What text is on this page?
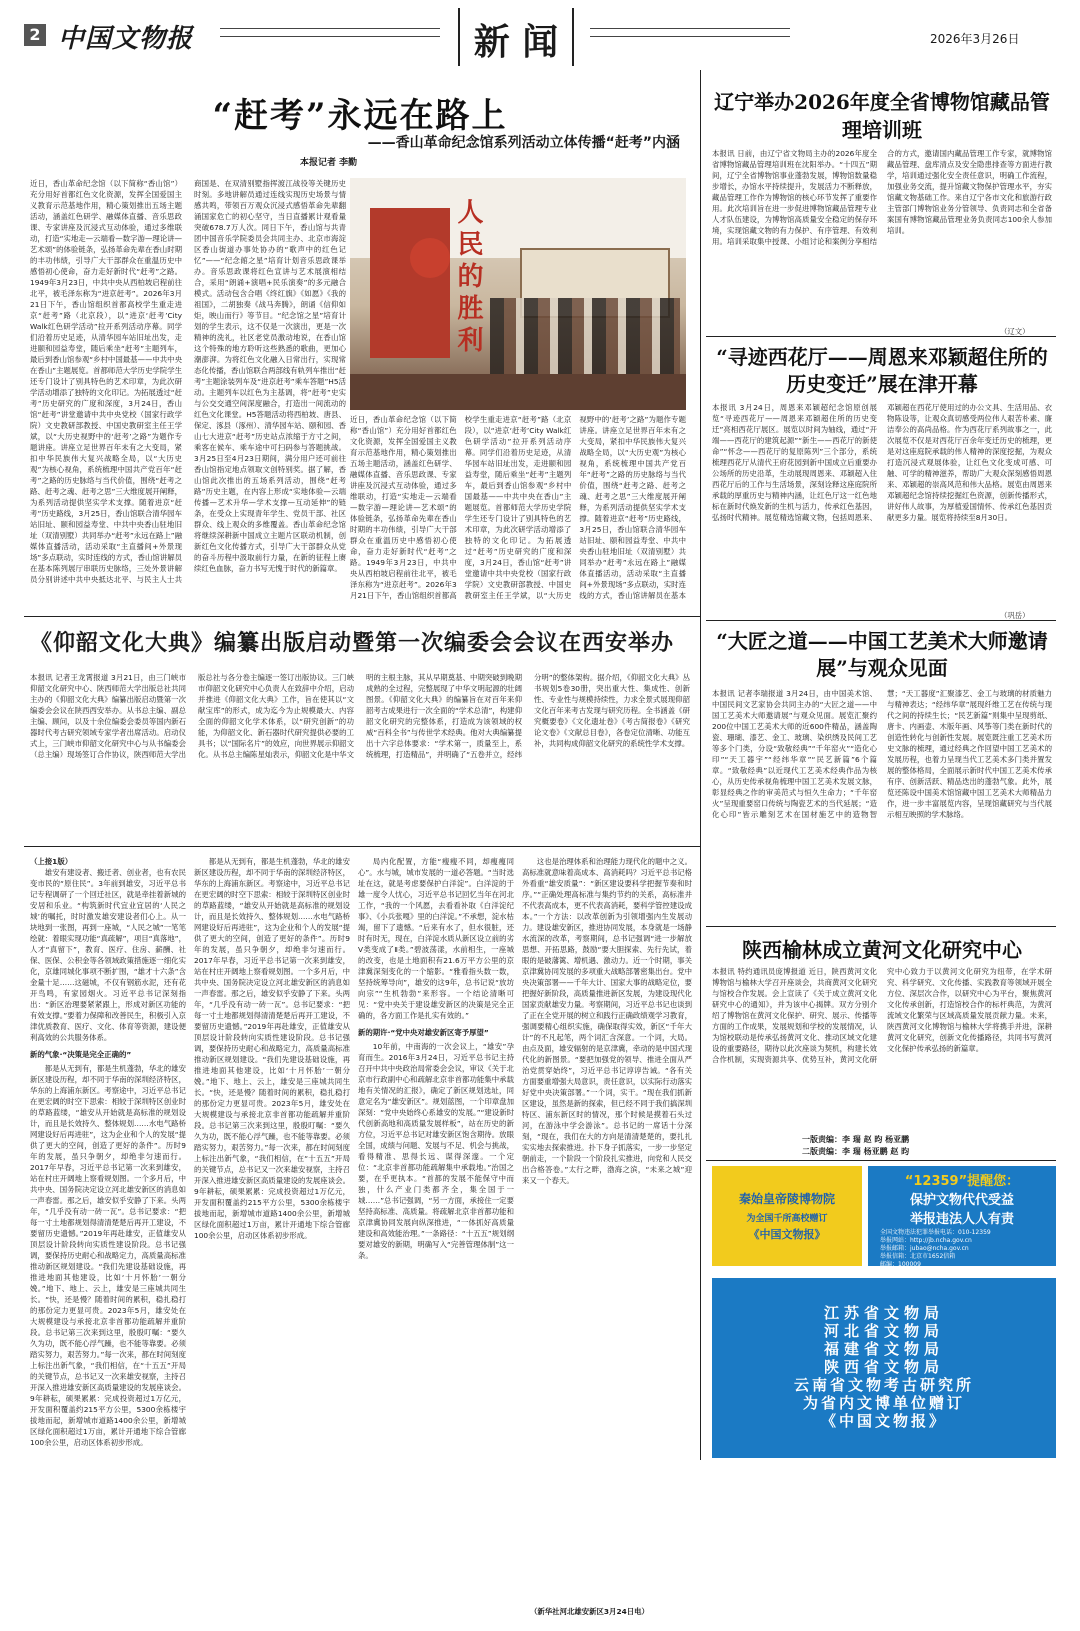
2 中国文物报	新 闻	2026年3月26日
“赶考”永远在路上
——香山革命纪念馆系列活动立体传播“赶考”内涵
本报记者 李勤
人民的胜利
近日，香山革命纪念馆（以下简称“香山馆”）充分用好首都红色文化资源，发挥全国爱国主义教育示范基地作用，精心策划推出五场主题活动，涵盖红色研学、融媒体直播、音乐思政课、专家讲座及沉浸式互动体验，通过多维联动，打造“实地走—云端看—数字游—理论讲—艺术颂”的体验链条，弘扬革命先辈在香山时期的丰功伟绩，引导广大干部群众在重温历史中感悟初心使命，奋力走好新时代“赶考”之路。1949年3月23日，中共中央从西柏坡启程前往北平，被毛泽东称为“进京赶考”。2026年3月21日下午，香山馆组织首都高校学生重走进京“赶考”路（北京段），以“进京‘赶考’City Walk红色研学活动”拉开系列活动序幕。同学们沿着历史足迹，从清华园车站旧址出发，走进颐和园益寿堂，随后乘坐“赶考”主题列车，最后到香山馆参观“乡村中国最基——中共中央在香山”主题展览。首都师范大学历史学院学生还专门设计了别具特色的艺术印章，为此次研学活动增添了独特的文化印记。为拓展透过“赶考”历史研究的广度和深度，3月24日，香山馆“赶考”讲堂邀请中共中央党校（国家行政学院）文史教研部教授、中国史教研室主任王学斌，以“大历史视野中的‘赶考’之路”为题作专题讲座。讲座立足世界百年未有之大变局，紧扣中华民族伟大复兴战略全局，以“大历史观”为核心视角，系统梳理中国共产党百年“赶考”之路的历史脉络与当代价值，围绕“赶考之路、赶考之魂、赶考之思”三大维度展开阐释，为系列活动提供坚实学术支撑。随着进京“赶考”历史路线，3月25日，香山馆联合清华园车站旧址、颐和园益寿堂、中共中央香山驻地旧址（双清别墅）共同举办“赶考”永远在路上”融媒体直播活动，活动采取“主直播间+外景现场”多点联动，实时连线的方式，香山馆讲解员在基本陈列展厅串联历史脉络，三处外景讲解员分别讲述中共中央抵达北平、与民主人士共商国是、在双清别墅指挥渡江战役等关键历史时刻。多地讲解员通过连线实现历史场景与情感共鸣，带领百万观众沉浸式感悟革命先辈翻涌国家危亡的初心坚守，当日直播累计观看量突破678.7万人次。同日下午，香山馆与共青团中国音乐学院委员会共同主办、北京市海淀区香山街道办事处协办的“歌声中的红色记忆”——“纪念館之星”培育计划音乐思政课举办。音乐思政课将红色宣讲与艺术展演相结合，采用“朗诵+演唱+民乐演奏”的多元融合模式。活动包含合唱《终红旗》《如愿》《我的祖国》，二胡独奏《战马奔腾》，朗诵《信仰如炬，映山而行》等节目。“纪念馆之星”培育计划的学生表示，这不仅是一次演出，更是一次精神的洗礼，社区老党员激动地说，在香山馆这个特殊的地方聆听这些熟悉的歌曲，更加心潮澎湃。为将红色文化融入日常出行，实现常态化传播，香山馆联合两部线有轨列车推出“赶考”主题涂装列车及“进京赶考”乘车答题”H5活动。主题列车以红色为主基调，将“赶考”史实与公交交通空间深度融合，打造出一间流动的红色文化课堂。H5答题活动将西柏坡、唐县、保定、涿县（涿州）、清华园车站、颐和园、香山七大进京“赶考”历史站点浓缩于方寸之间，乘客在候车、乘车途中可扫码参与答题挑战。3月25日至4月23日期间，满分用户还可前往香山馆指定地点领取文创特别奖。据了解，香山馆此次推出的五场系列活动，围绕“赶考路”历史主题，在内容上形成“实地体验—云端传播—艺术升华—学术支撑—互动延伸”的链条，在受众上实现青年学生、党员干部、社区群众、线上观众的多维覆盖。香山革命纪念馆将继续深耕新中国成立主题片区联动机制，创新红色文化传播方式，引导广大干部群众从党的奋斗历程中汲取前行力量，在新的征程上赓续红色血脉，奋力书写无愧于时代的新篇章。
近日，香山革命纪念馆（以下简称“香山馆”）充分用好首都红色文化资源，发挥全国爱国主义教育示范基地作用，精心策划推出五场主题活动，涵盖红色研学、融媒体直播、音乐思政课、专家讲座及沉浸式互动体验，通过多维联动，打造“实地走—云端看—数字游—理论讲—艺术颂”的体验链条，弘扬革命先辈在香山时期的丰功伟绩，引导广大干部群众在重温历史中感悟初心使命，奋力走好新时代“赶考”之路。1949年3月23日，中共中央从西柏坡启程前往北平，被毛泽东称为“进京赶考”。2026年3月21日下午，香山馆组织首都高校学生重走进京“赶考”路（北京段），以“进京‘赶考’City Walk红色研学活动”拉开系列活动序幕。同学们沿着历史足迹，从清华园车站旧址出发，走进颐和园益寿堂，随后乘坐“赶考”主题列车，最后到香山馆参观“乡村中国最基——中共中央在香山”主题展览。首都师范大学历史学院学生还专门设计了别具特色的艺术印章，为此次研学活动增添了独特的文化印记。为拓展透过“赶考”历史研究的广度和深度，3月24日，香山馆“赶考”讲堂邀请中共中央党校（国家行政学院）文史教研部教授、中国史教研室主任王学斌，以“大历史视野中的‘赶考’之路”为题作专题讲座。讲座立足世界百年未有之大变局，紧扣中华民族伟大复兴战略全局，以“大历史观”为核心视角，系统梳理中国共产党百年“赶考”之路的历史脉络与当代价值，围绕“赶考之路、赶考之魂、赶考之思”三大维度展开阐释，为系列活动提供坚实学术支撑。随着进京“赶考”历史路线，3月25日，香山馆联合清华园车站旧址、颐和园益寿堂、中共中央香山驻地旧址（双清别墅）共同举办“赶考”永远在路上”融媒体直播活动，活动采取“主直播间+外景现场”多点联动，实时连线的方式，香山馆讲解员在基本
辽宁举办2026年度全省博物馆藏品管理培训班
本报讯 日前，由辽宁省文物局主办的2026年度全省博物馆藏品管理培训班在沈阳举办。“十四五”期间，辽宁全省博物馆事业蓬勃发展，博物馆数量稳步增长，办馆水平持续提升，发展活力不断释放，藏品管理工作作为博物馆的核心环节发挥了重要作用。此次培训旨在进一步促进博物馆藏品管理专业人才队伍建设，为博物馆高质量安全稳定的保存环境，实现馆藏文物的有力保护、有序管理、有效利用。培训采取集中授课、小组讨论和案例分享相结合的方式，邀请国内藏品管理工作专家，就博物馆藏品管理、盘库清点及安全隐患排查等方面进行教学，培训通过强化安全责任意识，明确工作流程，加强业务交流，提升馆藏文物保护管理水平，夯实馆藏文物基础工作。来自辽宁各市文化和旅游行政主管部门博物馆业务分管领导、负责同志和全省备案国有博物馆藏品管理业务负责同志100余人参加培训。
（辽文）
“寻迹西花厅——周恩来邓颖超住所的历史变迁”展在津开幕
本报讯 3月24日，周恩来邓颖超纪念馆原创展览“寻迹西花厅——周恩来邓颖超住所的历史变迁”亮相西花厅展区。展览以时间为轴线，通过“开端——西花厅的建筑起源”“新生——西花厅的新使命”“怀念——西花厅的复原陈列”三个部分，系统梳理西花厅从清代王府花园到新中国成立后重要办公场所的历史沿革，生动展现周恩来、邓颖超入住西花厅后的工作与生活场景，深刻诠释这座庭院所承载的厚重历史与精神内涵，让红色厅这一红色地标在新时代焕发新的生机与活力，传承红色基因，弘扬时代精神。展览精选馆藏文物，包括周恩来、邓颖超在西花厅使用过的办公文具、生活用品、衣物陈设等，让观众真切感受两位伟人艰苦朴素、廉洁奉公的高尚品格。作为西花厅系列故事之一，此次展览不仅是对西花厅百余年变迁历史的梳理，更是对这座庭院承载的伟人精神的深度挖掘，为观众打造沉浸式观展体验，让红色文化变成可感、可触、可学的精神滋养，帮助广大观众深刻感悟周恩来、邓颖超的崇高风范和伟大品格。展览由周恩来邓颖超纪念馆持续挖掘红色资源，创新传播形式，讲好伟人故事，为厚植爱国情怀、传承红色基因贡献更多力量。展览将持续至8月30日。
（巩岳）
《仰韶文化大典》编纂出版启动暨第一次编委会会议在西安举办
本报讯 记者王龙霄报道 3月21日，由三门峡市仰韶文化研究中心、陕西师范大学出版总社共同主办的《仰韶文化大典》编纂出版启动暨第一次编委会会议在陕西西安举办。从书总主编、副总主编、顾问，以及十余位编委会委员等国内新石器时代考古研究领域专家学者出席活动。启动仪式上，三门峡市仰韶文化研究中心与从书编委会（总主编）现场签订合作协议，陕西师范大学出版总社与各分卷主编逐一签订出版协议。三门峡市仰韶文化研究中心负责人在致辞中介绍，启动并推进《仰韶文化大典》工作，旨在使其以“文献宝库”的形式，成为迄今为止规模最大、内容全面的仰韶文化学术体系，以“研究创新”的功能，为仰韶文化、新石器时代研究提供必要的工具书；以“国际名片”的效应，向世界展示仰韶文化。从书总主编陈星灿表示，仰韶文化是中华文明的主根主脉，其从早期奠基、中期突破到晚期成熟的全过程，完整展现了中华文明起源的壮阔图景。《仰韶文化大典》的编纂旨在对百年来仰韶考古成果进行一次全面的“学术总清”，构建仰韶文化研究的完整体系，打造成为该领域的权威“百科全书”与传世学术经典。他对大典编纂提出十六字总体要求：“学术第一，质量至上，系统梳理，打造精品”，并明确了“五卷并立，经纬分明”的整体架构。据介绍，《仰韶文化大典》丛书规划5卷30册，突出重大性、集成性、创新性、专业性与规模持续性，力求全景式展现仰韶文化百年来考古发现与研究历程。全书涵盖《研究概要卷》《文化遗址卷》《考古简报卷》《研究论文卷》《文献总目卷》，各卷定位清晰、功能互补，共同构成仰韶文化研究的系统性学术支撑。
“大匠之道——中国工艺美术大师邀请展”与观众见面
本报讯 记者李瑞报道 3月24日，由中国美术馆、中国民间文艺家协会共同主办的“大匠之道——中国工艺美术大师邀请展”与观众见面。展览汇聚约200位中国工艺美术大师的近600件精品，涵盖陶瓷、珊瑚、漆艺、金工、玻璃、染织绣及民间工艺等多个门类，分设“致敬经典”“千年窑火”“造化心印”“天工器宇”“经纬华章”“民艺新篇”6个篇章。“致敬经典”以近现代工艺美术经典作品为核心，从历史传承视角梳理中国工艺美术发展文脉，彰显经典之作的审美范式与恒久生命力；“千年窑火”呈现重要窑口传统与陶瓷艺术的当代延展；“造化心印”皆示雕刻艺术在国材施艺中的造物智慧；“天工器度”汇聚漆艺、金工与玻璃的材质魅力与精神表达；“经纬华章”展现纤维工艺在传统与现代之间的持续生长；“民艺新篇”则集中呈现剪纸、唐卡、内画壶、木版年画、风筝等门类在新时代的创造性转化与创新性发展。展览既注重工艺美术历史文脉的梳理，通过经典之作回望中国工艺美术的发展历程，也着力呈现当代工艺美术多门类并置发展的整体格局，全面展示新时代中国工艺美术传承有序、创新活跃、精品迭出的蓬勃气象。此外，展览还陈设中国美术馆馆藏中国工艺美术大师精品力作，进一步丰富展览内容，呈现馆藏研究与当代展示相互映照的学术脉络。
（上接1版）

雄安有建设者、搬迁者、创业者，也有农民变市民的“原住民”。3年前到雄安，习近平总书记专程调研了一个回迁社区，就是牵挂着新城的安居和乐业。“构筑新时代宜业宜居的‘人民之城’的嘱托，时时激发雄安建设者们心上。从一块地到一张图，再到一座城，“人民之城”一笔笔绘就：着眼实现功能“真疏解”，项目“真落地”，人才“真留下”，教育、医疗、住房、薪酬、社保、医保、公积金等各领域政策措施逐一细化实化，京雄同城化事项不断扩围，“雄才十六条”含金量十足……这磁城，不仅有钢筋水泥，还有花开鸟鸣，有家园烟火。习近平总书记深刻指出：“新区治理要紧紧跟上，形成对新区功能的有效支撑。”要着力保障和改善民生，积极引入京津优质教育、医疗、文化、体育等资源，建设便利高效的公共服务体系。

新的气象·“决策是完全正确的”

都是从无到有，都是生机蓬勃，华北的雄安新区建设历程，却不同于华南的深圳经济特区，华东的上海浦东新区。考察途中，习近平总书记在更宏阔的时空下思索：相较于深圳特区创业时的草路蓝缕，“雄安从开始就是高标准的规划设计，而且是长效持久、整体规划……水电气路桥网建设好后再进驻”，这为企业和个人的发展“提供了更大的空间，创造了更好的条件”。历时9年的发展，虽只争朝夕，却绝非匀速而行。2017年早春，习近平总书记第一次来到雄安，站在村庄开阔地上察看规划图。一个多月后，中共中央、国务院决定设立河北雄安新区的消息如一声春雷。那之后，雄安似乎安静了下来。头两年，“几乎没有动一砖一瓦”。总书记要求：“把每一寸土地都规划得清清楚楚后再开工建设，不要留历史遗憾。”2019年再赴雄安，正值雄安从顶层设计阶段转向实质性建设阶段。总书记强调，要保持历史耐心和战略定力，高质量高标准推动新区规划建设。“我们先建设基础设施，再推进地面其他建设，比如‘十月怀胎’一朝分娩。”地下、地上、云上，雄安是三座城共同生长。“快，还是慢？随着时间的累积，稳扎稳打的那份定力更显可贵。2023年5月，雄安处在大规模建设与承接北京非首都功能疏解并重阶段。总书记第三次来到这里，殷殷叮嘱：“要久久为功，既不能心浮气躁，也不能等靠要。必须踏实努力，艰苦努力。”每一次来，都在时间刻度上标注出新气象，“我们相信，在“十五五”开局的关键节点，总书记又一次来雄安视察，主持召开深入推进雄安新区高质量建设的发展座谈会。9年耕耘，硕果累累：完成投资超过1万亿元，开发面积覆盖约215平方公里，5300余栋楼宇拔地而起，新增城市道路1400余公里，新增城区绿化面积超过1万亩，累计开通地下综合管廊100余公里，启动区体系初步形成。

都是从无到有，都是生机蓬勃，华北的雄安新区建设历程，却不同于华南的深圳经济特区，华东的上海浦东新区。考察途中，习近平总书记在更宏阔的时空下思索：相较于深圳特区创业时的草路蓝缕，“雄安从开始就是高标准的规划设计，而且是长效持久、整体规划……水电气路桥网建设好后再进驻”，这为企业和个人的发展“提供了更大的空间，创造了更好的条件”。历时9年的发展，虽只争朝夕，却绝非匀速而行。2017年早春，习近平总书记第一次来到雄安，站在村庄开阔地上察看规划图。一个多月后，中共中央、国务院决定设立河北雄安新区的消息如一声春雷。那之后，雄安似乎安静了下来。头两年，“几乎没有动一砖一瓦”。总书记要求：“把每一寸土地都规划得清清楚楚后再开工建设，不要留历史遗憾。”2019年再赴雄安，正值雄安从顶层设计阶段转向实质性建设阶段。总书记强调，要保持历史耐心和战略定力，高质量高标准推动新区规划建设。“我们先建设基础设施，再推进地面其他建设，比如‘十月怀胎’一朝分娩。”地下、地上、云上，雄安是三座城共同生长。“快，还是慢？随着时间的累积，稳扎稳打的那份定力更显可贵。2023年5月，雄安处在大规模建设与承接北京非首都功能疏解并重阶段。总书记第三次来到这里，殷殷叮嘱：“要久久为功，既不能心浮气躁，也不能等靠要。必须踏实努力，艰苦努力。”每一次来，都在时间刻度上标注出新气象，“我们相信，在“十五五”开局的关键节点，总书记又一次来雄安视察，主持召开深入推进雄安新区高质量建设的发展座谈会。9年耕耘，硕果累累：完成投资超过1万亿元，开发面积覆盖约215平方公里，5300余栋楼宇拔地而起，新增城市道路1400余公里，新增城区绿化面积超过1万亩，累计开通地下综合管廊100余公里，启动区体系初步形成。

局内化配置，方能“瘦瘦不同，却瘦瘦同心”。水与城，城市发展的一道必答题。“当时选址在这，就是考虑要保护白洋淀”。白洋淀的于雄一度令人忧心，习近平总书记回忆当年在河北工作，“我的一个风愿，去看看补取《白洋淀纪事》、《小兵张嘎》里的白洋淀。”不承想，淀水枯竭，留下了遗憾。“后来有水了，但水很脏，还时有时无，现在，白洋淀水质从新区设立前的劣V类变成了Ⅱ类。”碧波荡漾，水前相生，一座城的改变，也是土地面积有21.6万平方公里的京津冀深刻变化的一个缩影。“雅看指头数一数，坚持统筹导向”，雄安的这9年，总书记说“放坊向宗”“生机勃勃”来形容。一个结论清晰可见：“党中央关于建设雄安新区的决策是完全正确的，各方面工作是扎实有效的。”

新的期许·“党中央对雄安新区寄予厚望”

10年前，中南海的一次会议上，“雄安”孕育而生。2016年3月24日，习近平总书记主持召开中共中央政治局常委会会议，审议《关于北京市行政副中心和疏解北京非首都功能集中承载地有关情况的汇报》，确定了新区规划选址，同意定名为“雄安新区”。规划蓝图，一个印章盘加深刻：“党中央始终心系雄安的发展。”“建设新时代创新高地和高质量发展样板”，站在历史的新方位，习近平总书记对雄安新区饱含期待。放眼全国，成绩与问题、发展与不足、机会与挑战，看得精准、思得长远、谋得深邃。一个定位：“北京非首都功能疏解集中承载地。”治国之要，在乎更执本。“首都的发展不能保守中而独，什么产业门类都齐全，集全国于一城……”总书记强调，“另一方面，承接住一定要坚持高标准、高质量。将疏解北京非首都功能和京津冀协同发展向纵深推进，“一体抓好高质量建设和高效能治理。”一条路径：“十五五”规划纲要对雄安的新期，明确写入“完善管理体制”这一条。

这也是治理体系和治理能力现代化的题中之义。高标准就意味着高成本、高消耗吗？习近平总书记格外看重“雄安质量”：“新区建设要科学把握节奏和时序。”“正确处理高标准与集约节约的关系，高标准并不代表高成本，更不代表高消耗，要科学管控建设成本。”一个方法：以改革创新为引领增强内生发展动力。建设雄安新区，推进协同发展，本身就是一场静水流深的改革，考察期间，总书记强调“进一步解放思想、开拓思路，鼓励“要大胆探索、先行先试，着眼的是破藩篱、增机遇、激动力。近一个时期，事关京津冀协同发展的多项重大战略部署密集出台。党中央决策部署——千年大计、国家大事的战略定位，要把握好新阶段，高质量推进新区发展，为建设现代化国家贡献雄安力量。考察期间，习近平总书记也谈到了正在全党开展的树立和践行正确政绩观学习教育，强调要精心组织实施，确保取得实效，新区“千年大计”的不凡起笔，两个词汇含深意。一个词，大局。由点及面，雄安辐射的是京津冀，牵动的是中国式现代化的新图景。“要把加强党的领导、推进全面从严治党贯穿始终”，习近平总书记谆谆告诫。“各有关方面要重增强大局意识，责任意识，以实际行动落实好党中央决策部署。”一个词，实干。“现在我们抓新区建设，虽然是新的探索，但已经不同于我们搞深圳特区、浦东新区时的情况，那个时候是摸着石头过河，在游泳中学会游泳”。总书记的一席话十分深刻，“现在，我们在大的方向是清清楚楚的，要扎扎实实地去探索推进。扑下身子抓落实，一步一步坚定朝前走，一个阶段一个阶段扎实推进，向党和人民交出合格答卷。”太行之畔，渤海之滨，“未来之城”迎来又一个春天。

（新华社河北雄安新区3月24日电）
陕西榆林成立黄河文化研究中心
本报讯 特约通讯员庞博报道 近日，陕西黄河文化博物馆与榆林大学召开座谈会，共商黄河文化研究与馆校合作发展。会上宣读了《关于成立黄河文化研究中心的通知》，并为该中心揭牌。双方分别介绍了博物馆在黄河文化保护、研究、展示、传播等方面的工作成果，发展规划和学校的发展情况，认为馆校联动是传承弘扬黄河文化、推动区域文化建设的重要路径，期待以此次座谈为契机，构建长效合作机制，实现资源共享、优势互补，黄河文化研究中心致力于以黄河文化研究为纽带，在学术研究、科学研究、文化传播、实践教育等领域开展全方位、深层次合作，以研究中心为平台，聚焦黄河文化传承创新，打造馆校合作的标杆典范，为黄河流域文化繁荣与区域高质量发展贡献力量。未来，陕西黄河文化博物馆与榆林大学将携手并进，深耕黄河文化研究，创新文化传播路径，共同书写黄河文化保护传承弘扬的新篇章。
一版责编：李 瑞 赵 昀 杨亚鹏
二版责编：李 瑞 杨亚鹏 赵 昀
秦始皇帝陵博物院
为全国千所高校赠订
《中国文物报》
“12359”提醒您：
保护文物代代受益
举报违法人人有责
全国文物违法犯罪举报电话：010-12359
举报网站：http://jb.ncha.gov.cn
举报邮箱：jubao@ncha.gov.cn
举报信箱：北京市1652信箱
邮编：100009
江苏省文物局
河北省文物局
福建省文物局
陕西省文物局
云南省文物考古研究所
为省内文博单位赠订
《中国文物报》
